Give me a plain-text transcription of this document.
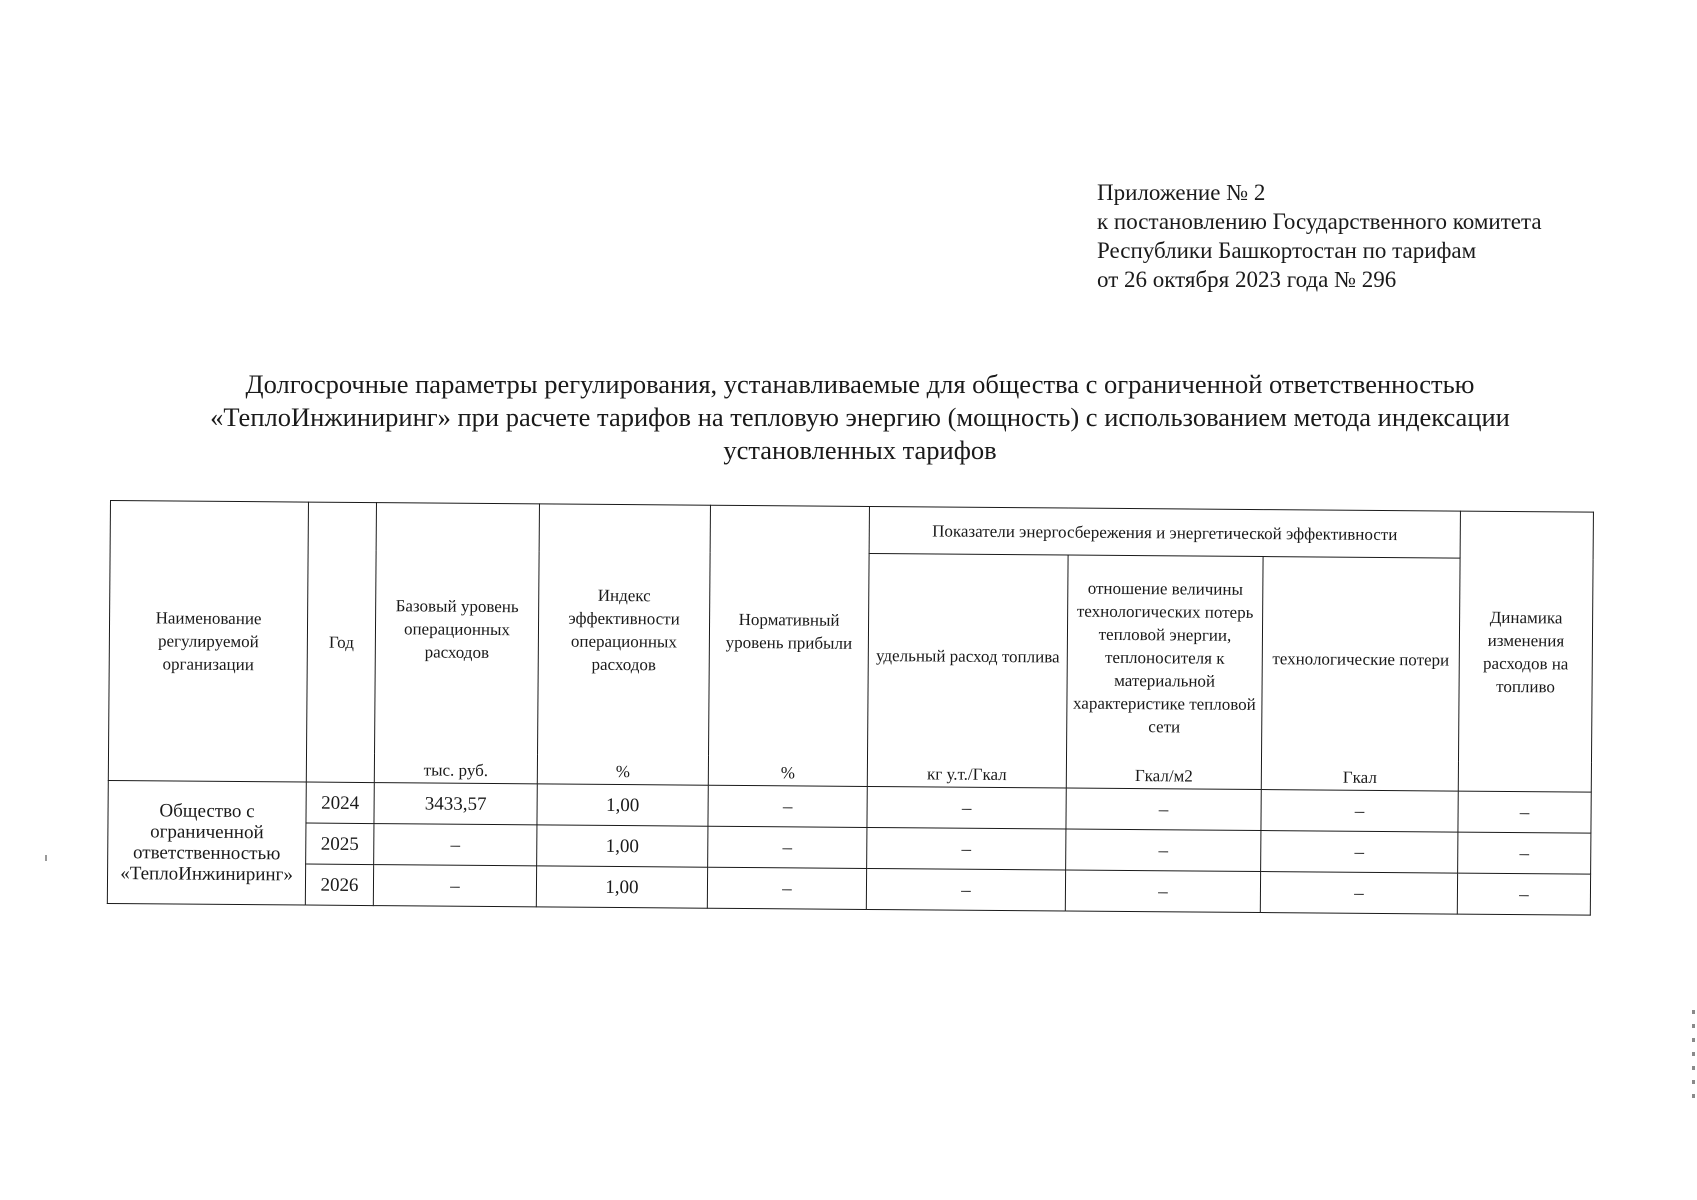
Приложение № 2
к постановлению Государственного комитета
Республики Башкортостан по тарифам
от 26 октября 2023 года № 296
Долгосрочные параметры регулирования, устанавливаемые для общества с ограниченной ответственностью
«ТеплоИнжиниринг» при расчете тарифов на тепловую энергию (мощность) с использованием метода индексации
установленных тарифов
Наименование регулируемой организации	Год	Базовый уровень операционных расходов	Индекс эффективности операционных расходов	Нормативный уровень прибыли	Показатели энергосбережения и энергетической эффективности			Динамика изменения расходов на топливо
					удельный расход топлива	отношение величины технологических потерь тепловой энергии, теплоносителя к материальной характеристике тепловой сети	технологические потери	
		тыс. руб.	%	%	кг у.т./Гкал	Гкал/м2	Гкал	
Общество с ограниченной ответственностью «ТеплоИнжиниринг»	2024	3433,57	1,00	–	–	–	–	–
	2025	–	1,00	–	–	–	–	–
	2026	–	1,00	–	–	–	–	–
